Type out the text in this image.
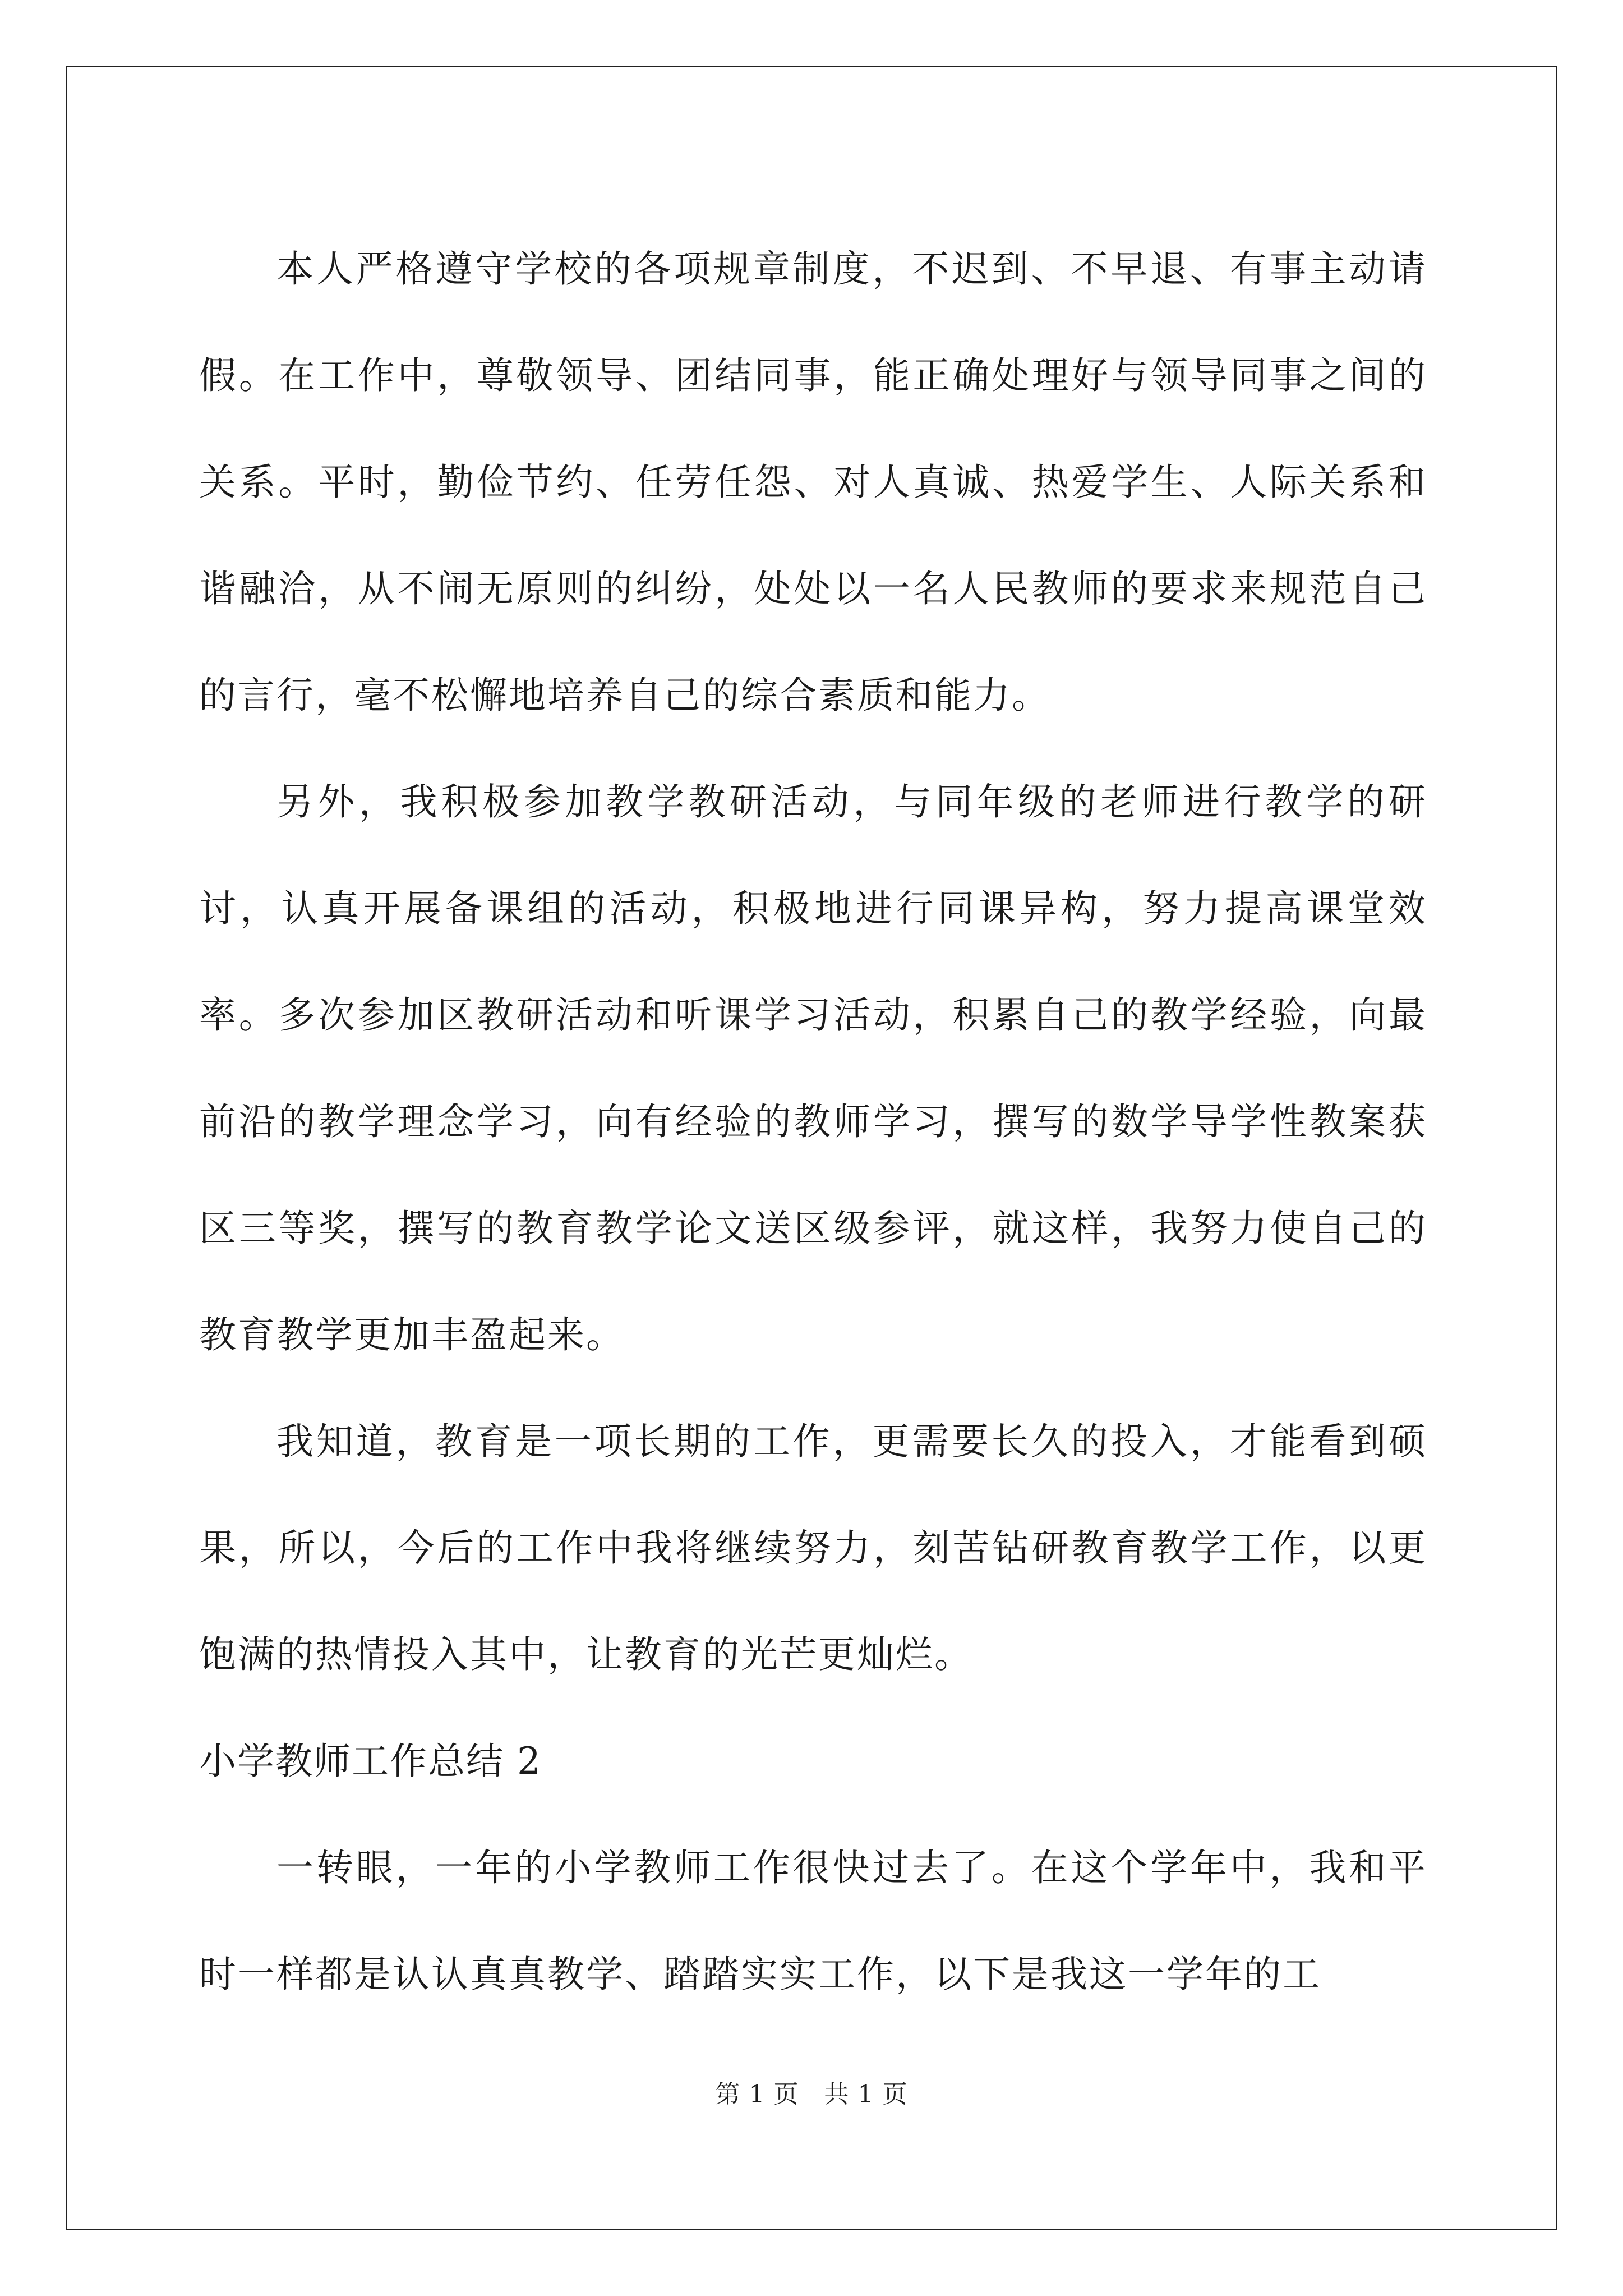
本人严格遵守学校的各项规章制度，不迟到、不早退、有事主动请假。在工作中，尊敬领导、团结同事，能正确处理好与领导同事之间的关系。平时，勤俭节约、任劳任怨、对人真诚、热爱学生、人际关系和谐融洽，从不闹无原则的纠纷，处处以一名人民教师的要求来规范自己的言行，毫不松懈地培养自己的综合素质和能力。

另外，我积极参加教学教研活动，与同年级的老师进行教学的研讨，认真开展备课组的活动，积极地进行同课异构，努力提高课堂效率。多次参加区教研活动和听课学习活动，积累自己的教学经验，向最前沿的教学理念学习，向有经验的教师学习，撰写的数学导学性教案获区三等奖，撰写的教育教学论文送区级参评，就这样，我努力使自己的教育教学更加丰盈起来。

我知道，教育是一项长期的工作，更需要长久的投入，才能看到硕果，所以，今后的工作中我将继续努力，刻苦钻研教育教学工作，以更饱满的热情投入其中，让教育的光芒更灿烂。

小学教师工作总结 2

一转眼，一年的小学教师工作很快过去了。在这个学年中，我和平时一样都是认认真真教学、踏踏实实工作，以下是我这一学年的工

第 1 页　共 1 页
